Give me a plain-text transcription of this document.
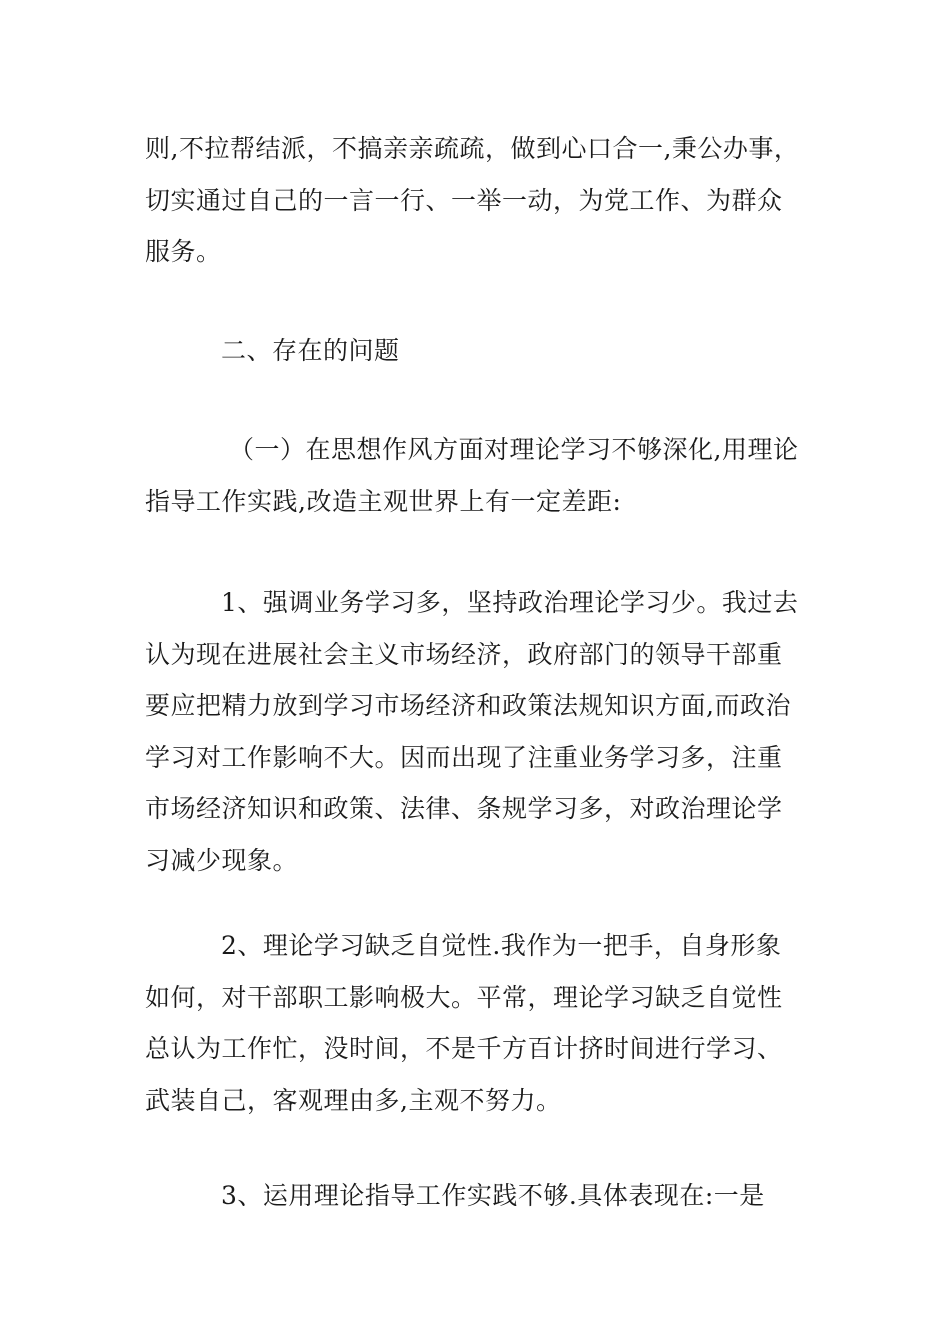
则,不拉帮结派，不搞亲亲疏疏，做到心口合一,秉公办事，
切实通过自己的一言一行、一举一动，为党工作、为群众
服务。
二、存在的问题
（一）在思想作风方面对理论学习不够深化,用理论
指导工作实践,改造主观世界上有一定差距:
1、强调业务学习多，坚持政治理论学习少。我过去
认为现在进展社会主义市场经济，政府部门的领导干部重
要应把精力放到学习市场经济和政策法规知识方面,而政治
学习对工作影响不大。因而出现了注重业务学习多，注重
市场经济知识和政策、法律、条规学习多，对政治理论学
习减少现象。
2、理论学习缺乏自觉性.我作为一把手，自身形象
如何，对干部职工影响极大。平常，理论学习缺乏自觉性
总认为工作忙，没时间，不是千方百计挤时间进行学习、
武装自己，客观理由多,主观不努力。
3、运用理论指导工作实践不够.具体表现在:一是
